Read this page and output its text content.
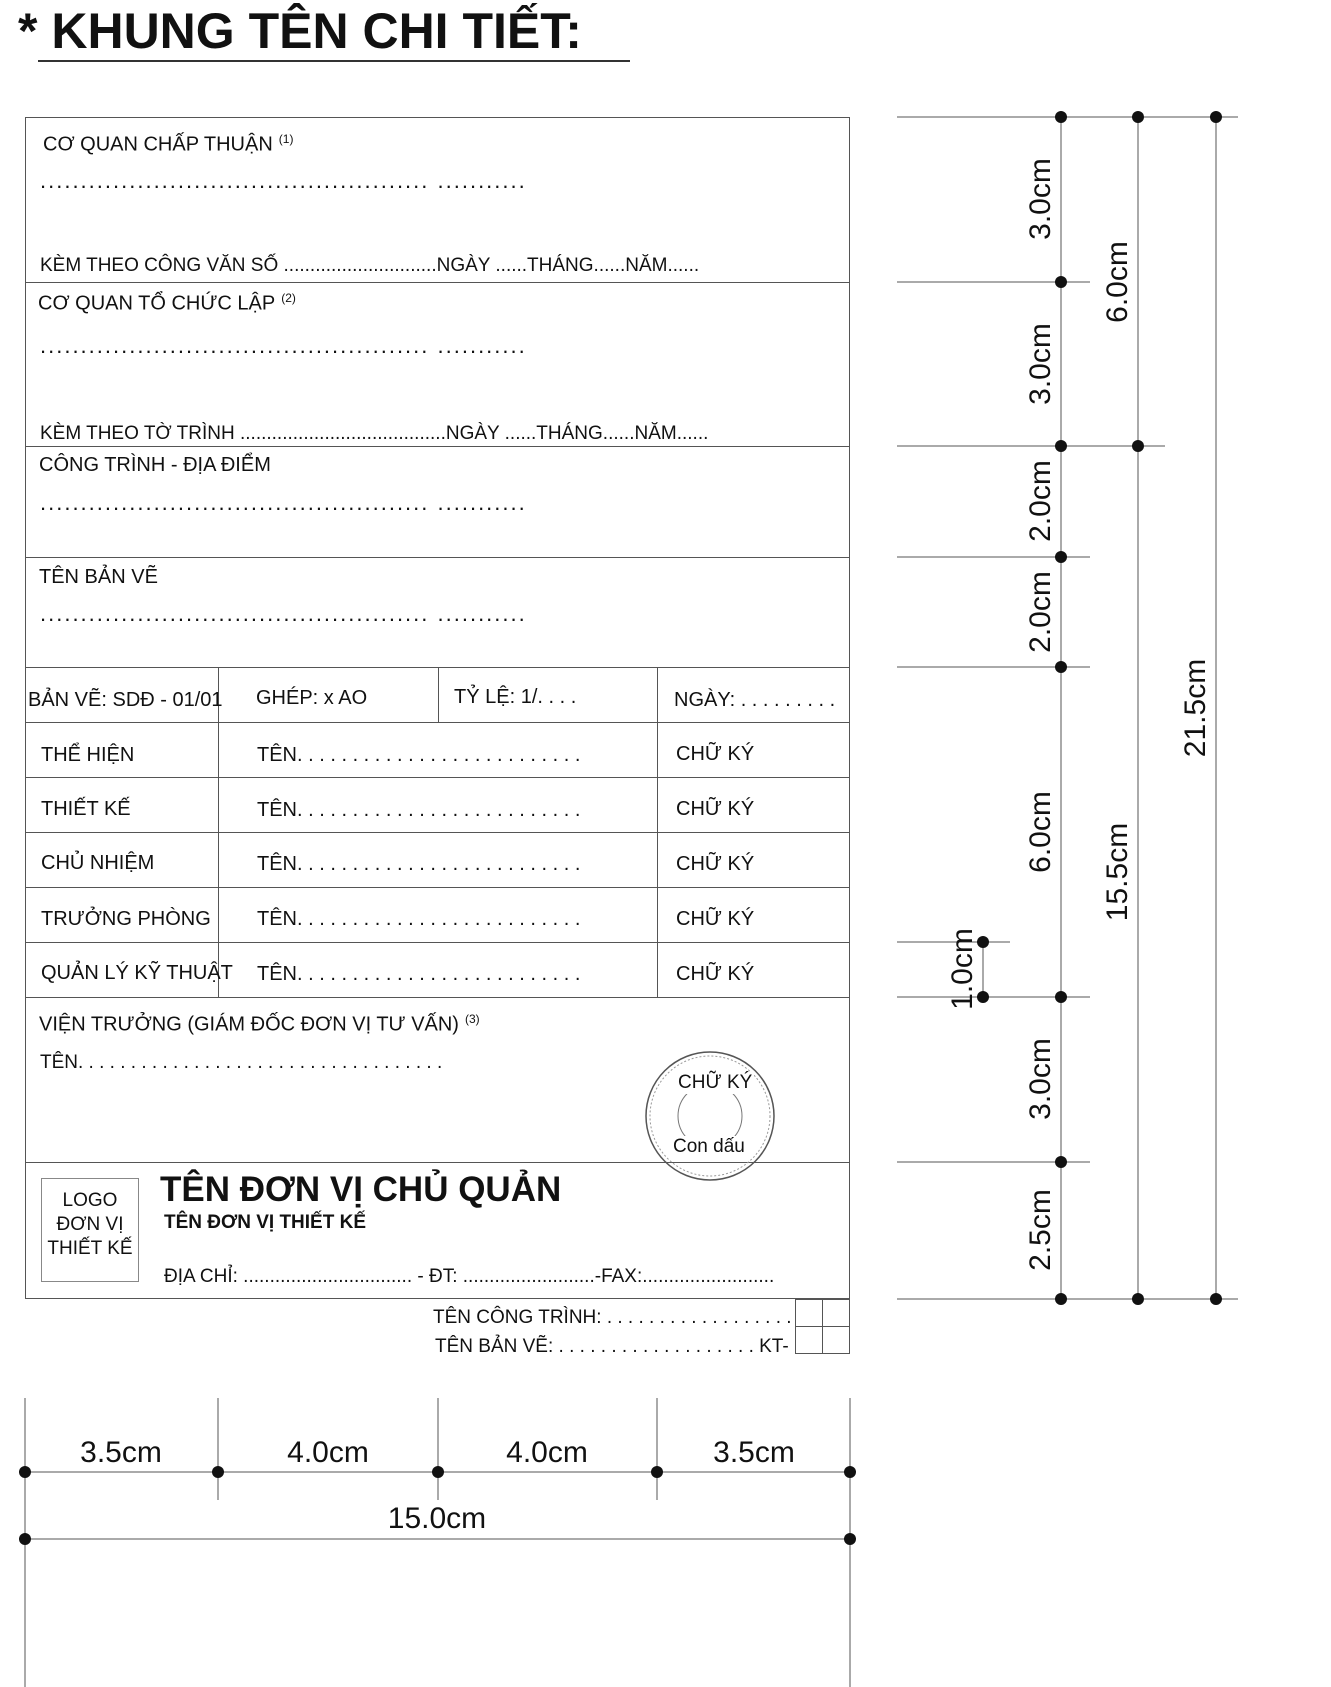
* KHUNG TÊN CHI TIẾT:
CƠ QUAN CHẤP THUẬN $^{(1)}$
................................................ ...........
KÈM THEO CÔNG VĂN SỐ .............................NGÀY ......THÁNG......NĂM......
CƠ QUAN TỔ CHỨC LẬP $^{(2)}$
................................................ ...........
KÈM THEO TỜ TRÌNH .......................................NGÀY ......THÁNG......NĂM......
CÔNG TRÌNH - ĐỊA ĐIỂM
................................................ ...........
TÊN BẢN VẼ
................................................ ...........
BẢN VẼ: SDĐ - 01/01 GHÉP: x AO	TỶ LỆ: 1/. . . .	NGÀY: . . . . . . . . .
THỂ HIỆN	TÊN. . . . . . . . . . . . . . . . . . . . . . . . . .	CHỮ KÝ
THIẾT KẾ	TÊN. . . . . . . . . . . . . . . . . . . . . . . . . .	CHỮ KÝ
CHỦ NHIỆM	TÊN. . . . . . . . . . . . . . . . . . . . . . . . . .	CHỮ KÝ
TRƯỞNG PHÒNG TÊN. . . . . . . . . . . . . . . . . . . . . . . . . .	CHỮ KÝ
QUẢN LÝ KỸ THUẬT TÊN. . . . . . . . . . . . . . . . . . . . . . . . . .	CHỮ KÝ
VIỆN TRƯỞNG (GIÁM ĐỐC ĐƠN VỊ TƯ VẤN) $^{(3)}$
TÊN. . . . . . . . . . . . . . . . . . . . . . . . . . . . . . . . . . .
CHỮ KÝ
Con dấu
LOGO
ĐƠN VỊ
THIẾT KẾ
TÊN ĐƠN VỊ CHỦ QUẢN
TÊN ĐƠN VỊ THIẾT KẾ
ĐỊA CHỈ: ................................ - ĐT: .........................-FAX:.........................
TÊN CÔNG TRÌNH: . . . . . . . . . . . . . . . . . .
TÊN BẢN VẼ: . . . . . . . . . . . . . . . . . . . KT-
3.5cm	4.0cm	4.0cm	3.5cm
15.0cm
3.0cm
3.0cm
2.0cm
2.0cm
6.0cm
3.0cm
2.5cm
6.0cm
15.5cm
21.5cm
1.0cm
